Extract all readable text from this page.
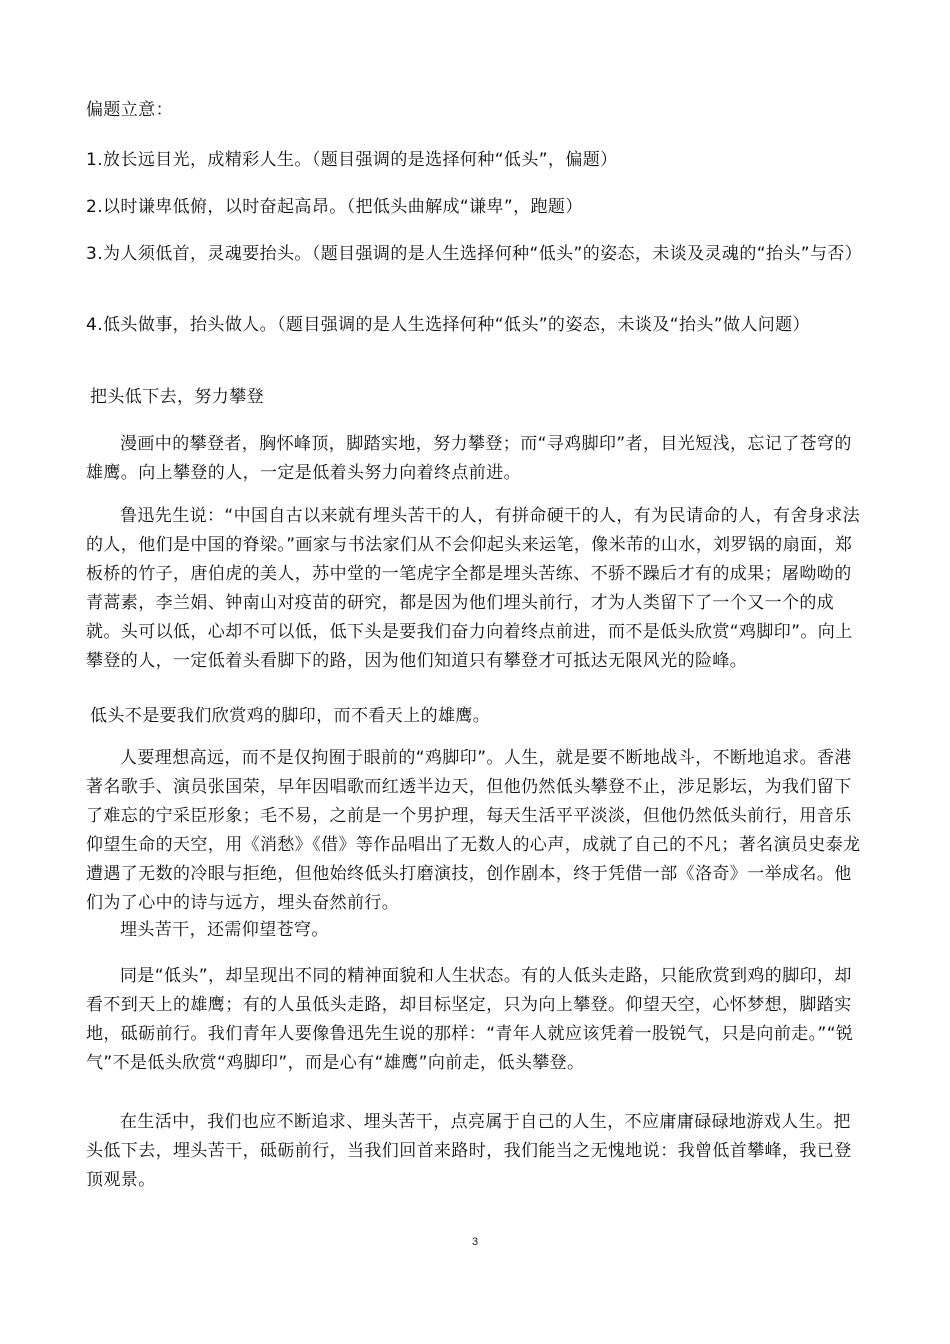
偏题立意：

1.放长远目光，成精彩人生。（题目强调的是选择何种“低头”，偏题）

2.以时谦卑低俯，以时奋起高昂。（把低头曲解成“谦卑”，跑题）

3.为人须低首，灵魂要抬头。（题目强调的是人生选择何种“低头”的姿态，未谈及灵魂的“抬头”与否）

4.低头做事，抬头做人。（题目强调的是人生选择何种“低头”的姿态，未谈及“抬头”做人问题）

把头低下去，努力攀登

漫画中的攀登者，胸怀峰顶，脚踏实地，努力攀登；而“寻鸡脚印”者，目光短浅，忘记了苍穹的雄鹰。向上攀登的人，一定是低着头努力向着终点前进。

鲁迅先生说：“中国自古以来就有埋头苦干的人，有拼命硬干的人，有为民请命的人，有舍身求法的人，他们是中国的脊梁。”画家与书法家们从不会仰起头来运笔，像米芾的山水，刘罗锅的扇面，郑板桥的竹子，唐伯虎的美人，苏中堂的一笔虎字全都是埋头苦练、不骄不躁后才有的成果；屠呦呦的青蒿素，李兰娟、钟南山对疫苗的研究，都是因为他们埋头前行，才为人类留下了一个又一个的成就。头可以低，心却不可以低，低下头是要我们奋力向着终点前进，而不是低头欣赏“鸡脚印”。向上攀登的人，一定低着头看脚下的路，因为他们知道只有攀登才可抵达无限风光的险峰。

低头不是要我们欣赏鸡的脚印，而不看天上的雄鹰。

人要理想高远，而不是仅拘囿于眼前的“鸡脚印”。人生，就是要不断地战斗，不断地追求。香港著名歌手、演员张国荣，早年因唱歌而红透半边天，但他仍然低头攀登不止，涉足影坛，为我们留下了难忘的宁采臣形象；毛不易，之前是一个男护理，每天生活平平淡淡，但他仍然低头前行，用音乐仰望生命的天空，用《消愁》《借》等作品唱出了无数人的心声，成就了自己的不凡；著名演员史泰龙遭遇了无数的冷眼与拒绝，但他始终低头打磨演技，创作剧本，终于凭借一部《洛奇》一举成名。他们为了心中的诗与远方，埋头奋然前行。

埋头苦干，还需仰望苍穹。

同是“低头”，却呈现出不同的精神面貌和人生状态。有的人低头走路，只能欣赏到鸡的脚印，却看不到天上的雄鹰；有的人虽低头走路，却目标坚定，只为向上攀登。仰望天空，心怀梦想，脚踏实地，砥砺前行。我们青年人要像鲁迅先生说的那样：“青年人就应该凭着一股锐气，只是向前走。”“锐气”不是低头欣赏“鸡脚印”，而是心有“雄鹰”向前走，低头攀登。

在生活中，我们也应不断追求、埋头苦干，点亮属于自己的人生，不应庸庸碌碌地游戏人生。把头低下去，埋头苦干，砥砺前行，当我们回首来路时，我们能当之无愧地说：我曾低首攀峰，我已登顶观景。

3
